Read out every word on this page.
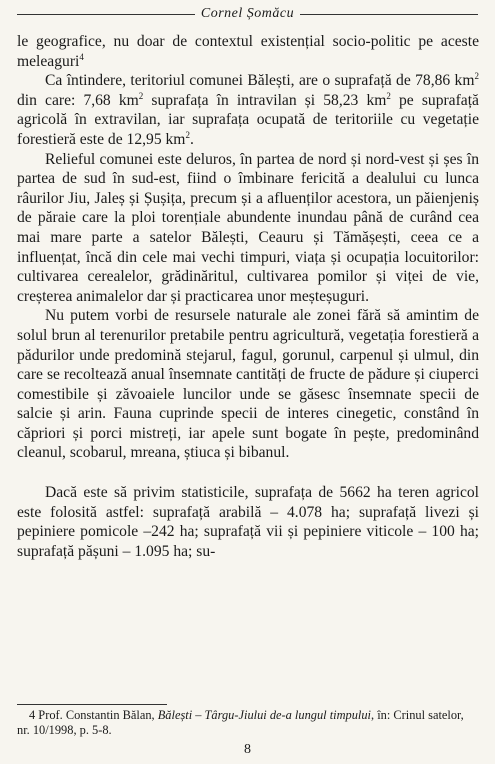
Cornel Șomăcu

le geografice, nu doar de contextul existențial socio-politic pe aceste meleaguri$^4$

Ca întindere, teritoriul comunei Bălești, are o suprafață de 78,86 $km^2$ din care: 7,68 $km^2$ suprafața în intravilan și 58,23 $km^2$ pe suprafață agricolă în extravilan, iar suprafața ocupată de teritoriile cu vegetație forestieră este de 12,95 $km^2$.

Relieful comunei este deluros, în partea de nord și nord-vest și șes în partea de sud în sud-est, fiind o îmbinare fericită a dealului cu lunca râurilor Jiu, Jaleș și Șușița, precum și a afluenților acestora, un păienjeniș de păraie care la ploi torențiale abundente inundau până de curând cea mai mare parte a satelor Bălești, Ceauru și Tămășești, ceea ce a influențat, încă din cele mai vechi timpuri, viața și ocupația locuitorilor: cultivarea cerealelor, grădinăritul, cultivarea pomilor și viței de vie, creșterea animalelor dar și practicarea unor meșteșuguri.

Nu putem vorbi de resursele naturale ale zonei fără să amintim de solul brun al terenurilor pretabile pentru agricultură, vegetația forestieră a pădurilor unde predomină stejarul, fagul, gorunul, carpenul și ulmul, din care se recoltează anual însemnate cantități de fructe de pădure și ciuperci comestibile și zăvoaiele luncilor unde se găsesc însemnate specii de salcie și arin. Fauna cuprinde specii de interes cinegetic, constând în căpriori și porci mistreți, iar apele sunt bogate în pește, predominând cleanul, scobarul, mreana, știuca și bibanul.

Dacă este să privim statisticile, suprafața de 5662 ha teren agricol este folosită astfel: suprafață arabilă – 4.078 ha; suprafață livezi și pepiniere pomicole –242 ha; suprafață vii și pepiniere viticole – 100 ha; suprafață pășuni – 1.095 ha; su-

4 Prof. Constantin Bălan, Bălești – Târgu-Jiului de-a lungul timpului, în: Crinul satelor, nr. 10/1998, p. 5-8.
8
